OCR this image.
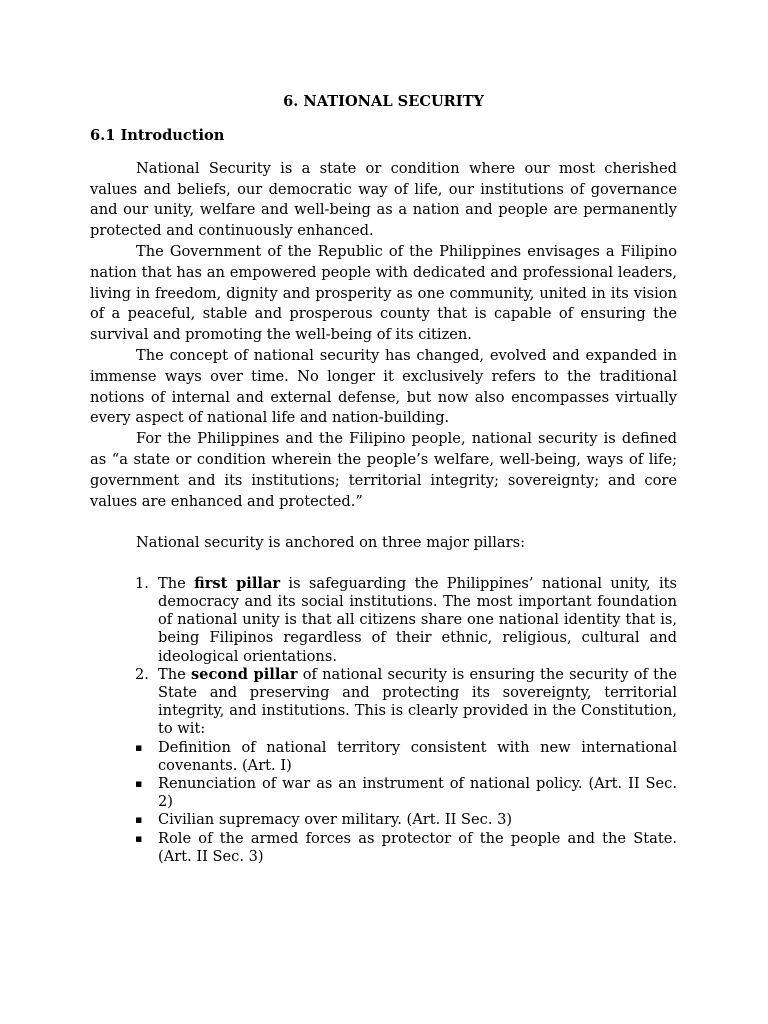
6. NATIONAL SECURITY

6.1 Introduction

National Security is a state or condition where our most cherished values and beliefs, our democratic way of life, our institutions of governance and our unity, welfare and well-being as a nation and people are permanently protected and continuously enhanced.

The Government of the Republic of the Philippines envisages a Filipino nation that has an empowered people with dedicated and professional leaders, living in freedom, dignity and prosperity as one community, united in its vision of a peaceful, stable and prosperous county that is capable of ensuring the survival and promoting the well-being of its citizen.

The concept of national security has changed, evolved and expanded in immense ways over time. No longer it exclusively refers to the traditional notions of internal and external defense, but now also encompasses virtually every aspect of national life and nation-building.

For the Philippines and the Filipino people, national security is defined as “a state or condition wherein the people’s welfare, well-being, ways of life; government and its institutions; territorial integrity; sovereignty; and core values are enhanced and protected.”

National security is anchored on three major pillars:

1. The first pillar is safeguarding the Philippines’ national unity, its democracy and its social institutions. The most important foundation of national unity is that all citizens share one national identity that is, being Filipinos regardless of their ethnic, religious, cultural and ideological orientations.
2. The second pillar of national security is ensuring the security of the State and preserving and protecting its sovereignty, territorial integrity, and institutions. This is clearly provided in the Constitution, to wit:
▪ Definition of national territory consistent with new international covenants. (Art. I)
▪ Renunciation of war as an instrument of national policy. (Art. II Sec. 2)
▪ Civilian supremacy over military. (Art. II Sec. 3)
▪ Role of the armed forces as protector of the people and the State. (Art. II Sec. 3)
